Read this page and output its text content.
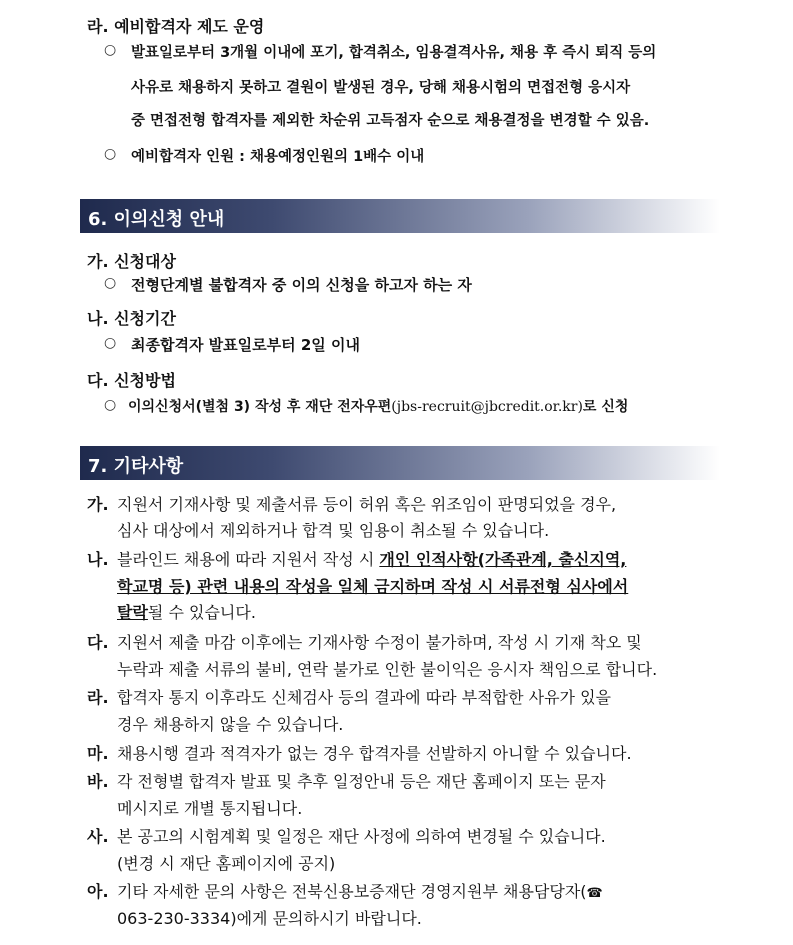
라. 예비합격자 제도 운영
○ 발표일로부터 3개월 이내에 포기, 합격취소, 임용결격사유, 채용 후 즉시 퇴직 등의
사유로 채용하지 못하고 결원이 발생된 경우, 당해 채용시험의 면접전형 응시자
중 면접전형 합격자를 제외한 차순위 고득점자 순으로 채용결정을 변경할 수 있음.
○ 예비합격자 인원 : 채용예정인원의 1배수 이내
6. 이의신청 안내
가. 신청대상
○ 전형단계별 불합격자 중 이의 신청을 하고자 하는 자
나. 신청기간
○ 최종합격자 발표일로부터 2일 이내
다. 신청방법
○ 이의신청서(별첨 3) 작성 후 재단 전자우편(jbs-recruit@jbcredit.or.kr)로 신청
7. 기타사항
가. 지원서 기재사항 및 제출서류 등이 허위 혹은 위조임이 판명되었을 경우,
심사 대상에서 제외하거나 합격 및 임용이 취소될 수 있습니다.
나. 블라인드 채용에 따라 지원서 작성 시 개인 인적사항(가족관계, 출신지역,
학교명 등) 관련 내용의 작성을 일체 금지하며 작성 시 서류전형 심사에서
탈락될 수 있습니다.
다. 지원서 제출 마감 이후에는 기재사항 수정이 불가하며, 작성 시 기재 착오 및
누락과 제출 서류의 불비, 연락 불가로 인한 불이익은 응시자 책임으로 합니다.
라. 합격자 통지 이후라도 신체검사 등의 결과에 따라 부적합한 사유가 있을
경우 채용하지 않을 수 있습니다.
마. 채용시행 결과 적격자가 없는 경우 합격자를 선발하지 아니할 수 있습니다.
바. 각 전형별 합격자 발표 및 추후 일정안내 등은 재단 홈페이지 또는 문자
메시지로 개별 통지됩니다.
사. 본 공고의 시험계획 및 일정은 재단 사정에 의하여 변경될 수 있습니다.
(변경 시 재단 홈페이지에 공지)
아. 기타 자세한 문의 사항은 전북신용보증재단 경영지원부 채용담당자(☎
063-230-3334)에게 문의하시기 바랍니다.
